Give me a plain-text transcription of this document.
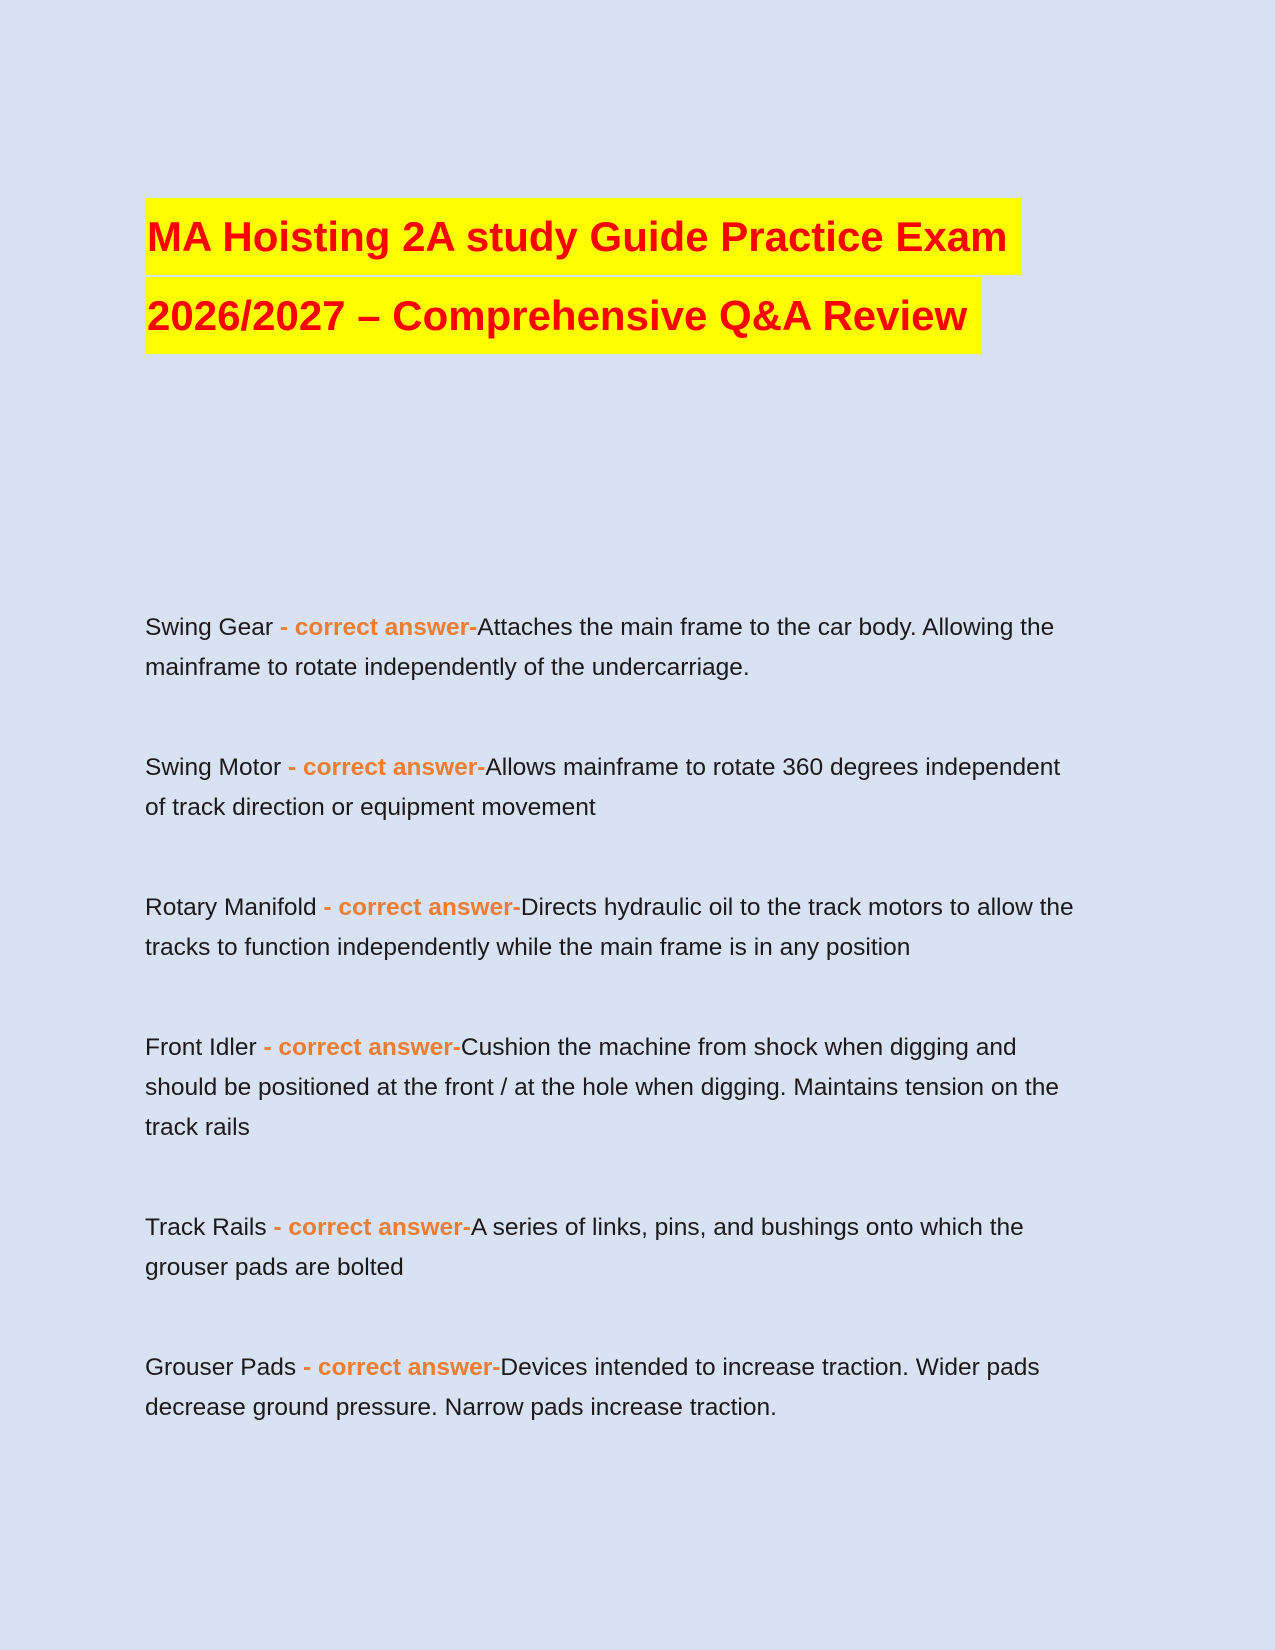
MA Hoisting 2A study Guide Practice Exam
2026/2027 – Comprehensive Q&A Review

Swing Gear - correct answer-Attaches the main frame to the car body. Allowing the mainframe to rotate independently of the undercarriage.

Swing Motor - correct answer-Allows mainframe to rotate 360 degrees independent of track direction or equipment movement

Rotary Manifold - correct answer-Directs hydraulic oil to the track motors to allow the tracks to function independently while the main frame is in any position

Front Idler - correct answer-Cushion the machine from shock when digging and should be positioned at the front / at the hole when digging. Maintains tension on the track rails

Track Rails - correct answer-A series of links, pins, and bushings onto which the grouser pads are bolted

Grouser Pads - correct answer-Devices intended to increase traction. Wider pads decrease ground pressure. Narrow pads increase traction.
